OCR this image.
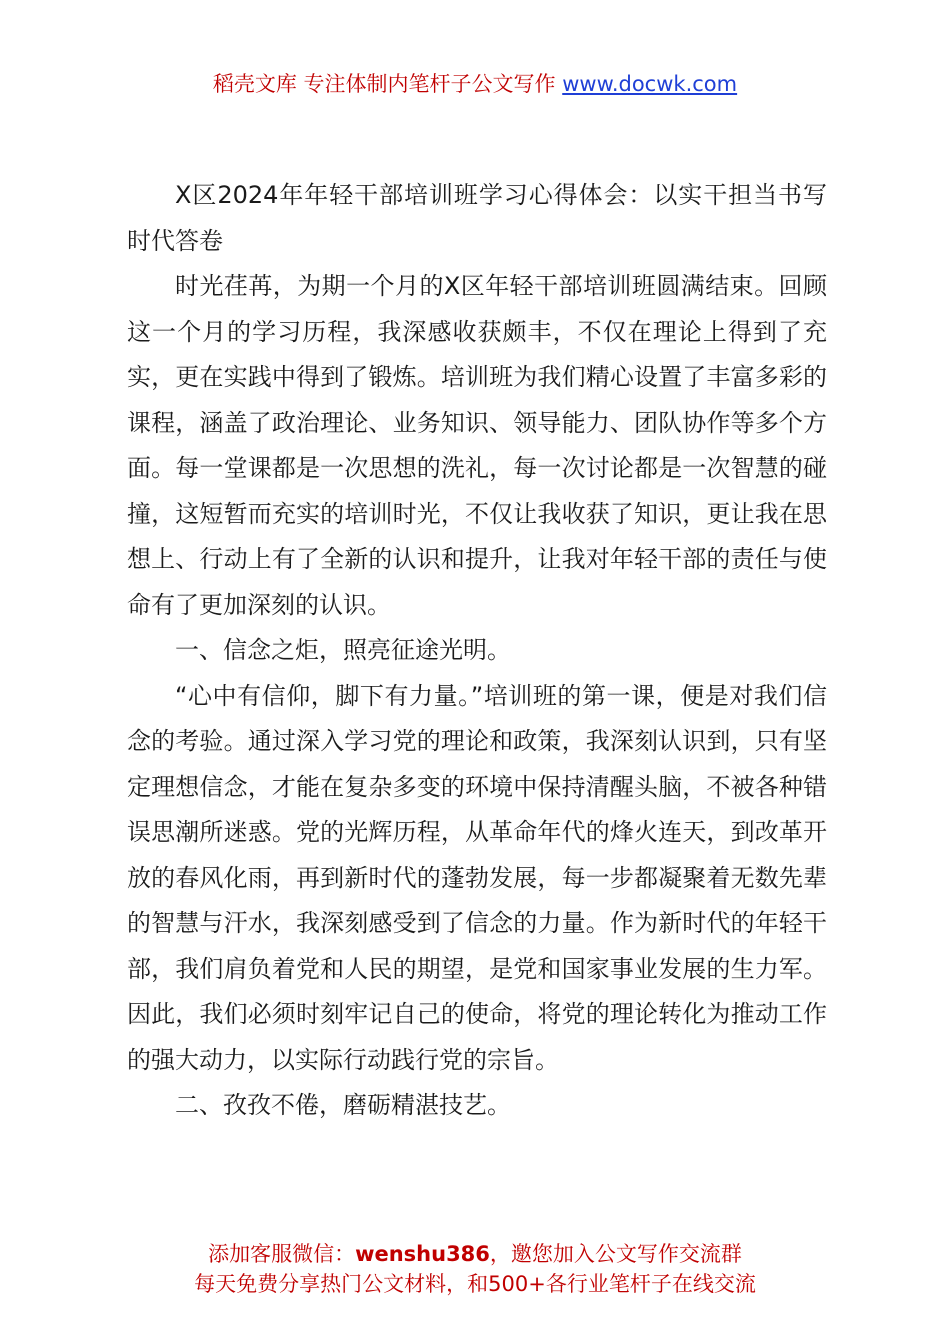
稻壳文库 专注体制内笔杆子公文写作 www.docwk.com

X区2024年年轻干部培训班学习心得体会：以实干担当书写时代答卷

时光荏苒，为期一个月的X区年轻干部培训班圆满结束。回顾这一个月的学习历程，我深感收获颇丰，不仅在理论上得到了充实，更在实践中得到了锻炼。培训班为我们精心设置了丰富多彩的课程，涵盖了政治理论、业务知识、领导能力、团队协作等多个方面。每一堂课都是一次思想的洗礼，每一次讨论都是一次智慧的碰撞，这短暂而充实的培训时光，不仅让我收获了知识，更让我在思想上、行动上有了全新的认识和提升，让我对年轻干部的责任与使命有了更加深刻的认识。

一、信念之炬，照亮征途光明。

“心中有信仰，脚下有力量。”培训班的第一课，便是对我们信念的考验。通过深入学习党的理论和政策，我深刻认识到，只有坚定理想信念，才能在复杂多变的环境中保持清醒头脑，不被各种错误思潮所迷惑。党的光辉历程，从革命年代的烽火连天，到改革开放的春风化雨，再到新时代的蓬勃发展，每一步都凝聚着无数先辈的智慧与汗水，我深刻感受到了信念的力量。作为新时代的年轻干部，我们肩负着党和人民的期望，是党和国家事业发展的生力军。因此，我们必须时刻牢记自己的使命，将党的理论转化为推动工作的强大动力，以实际行动践行党的宗旨。

二、孜孜不倦，磨砺精湛技艺。

添加客服微信：wenshu386，邀您加入公文写作交流群
每天免费分享热门公文材料，和500+各行业笔杆子在线交流
